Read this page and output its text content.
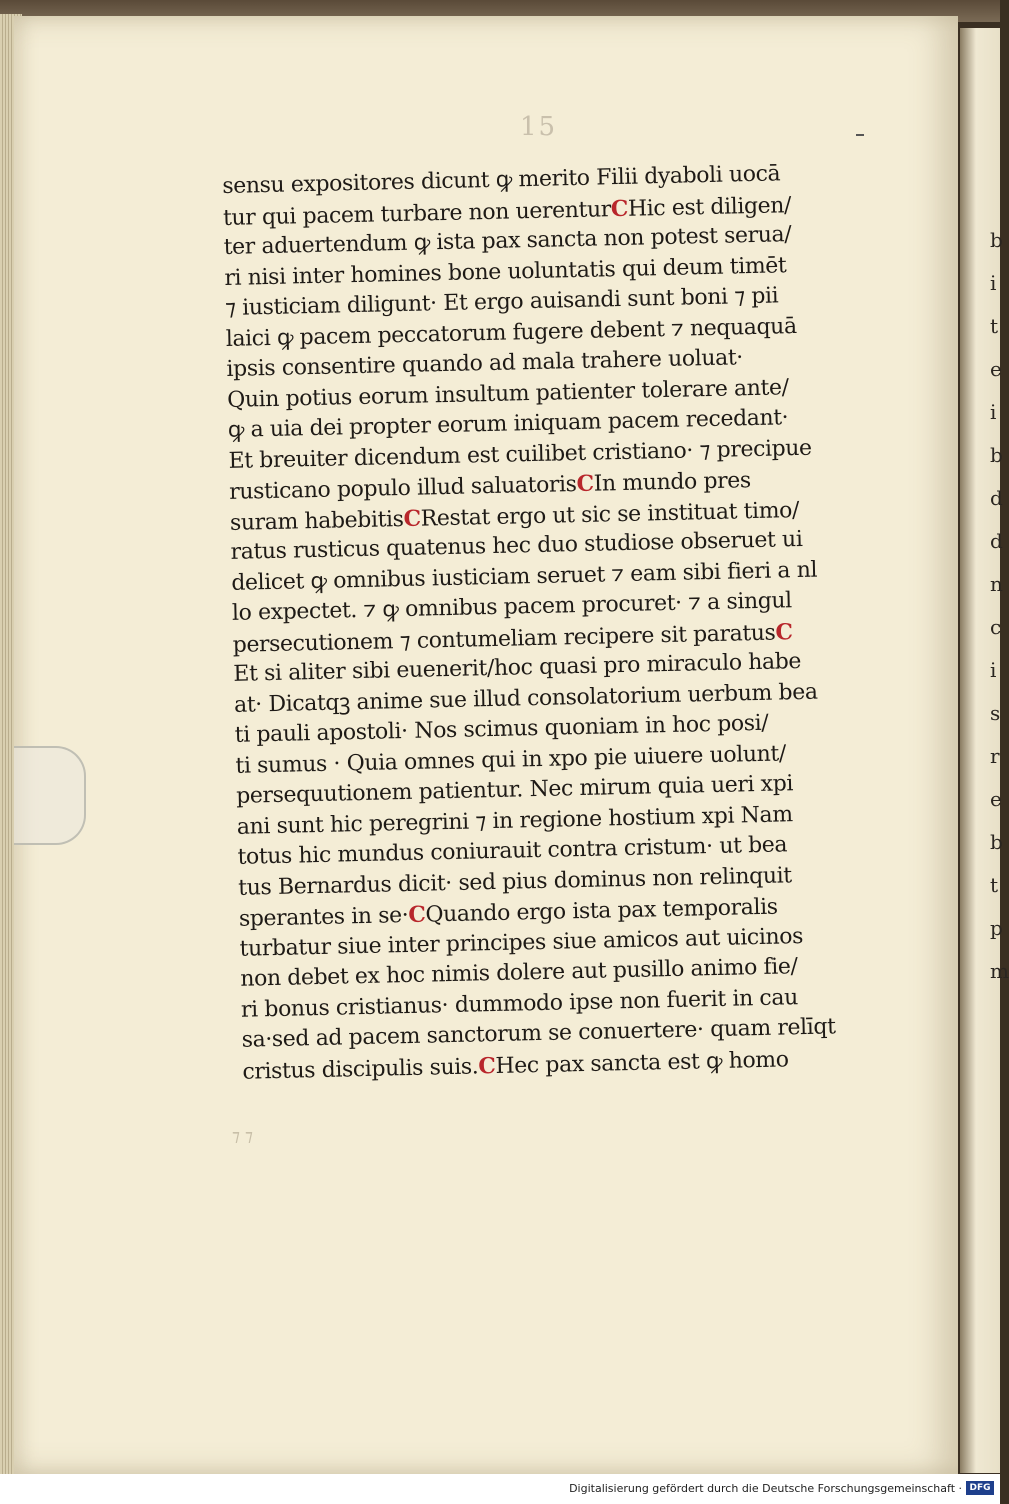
15
sensu expositores dicunt ꝙ merito Filii dyaboli uocā
tur qui pacem turbare non uerenturCHic est diligen/
ter aduertendum ꝙ ista pax sancta non potest serua/
ri nisi inter homines bone uoluntatis qui deum timēt
⁊ iusticiam diligunt· Et ergo auisandi sunt boni ⁊ pii
laici ꝙ pacem peccatorum fugere debent ⁊ nequaquā
ipsis consentire quando ad mala trahere uoluat·
Quin potius eorum insultum patienter tolerare ante/
ꝙ a uia dei propter eorum iniquam pacem recedant·
Et breuiter dicendum est cuilibet cristiano· ⁊ precipue
rusticano populo illud saluatorisCIn mundo pres
suram habebitisCRestat ergo ut sic se instituat timo/
ratus rusticus quatenus hec duo studiose obseruet ui
delicet ꝙ omnibus iusticiam seruet ⁊ eam sibi fieri a nl
lo expectet. ⁊ ꝙ omnibus pacem procuret· ⁊ a singul
persecutionem ⁊ contumeliam recipere sit paratusC
Et si aliter sibi euenerit/hoc quasi pro miraculo habe
at· Dicatqꝫ anime sue illud consolatorium uerbum bea
ti pauli apostoli· Nos scimus quoniam in hoc posi/
ti sumus · Quia omnes qui in xpo pie uiuere uolunt/
persequutionem patientur. Nec mirum quia ueri xpi
ani sunt hic peregrini ⁊ in regione hostium xpi Nam
totus hic mundus coniurauit contra cristum· ut bea
tus Bernardus dicit· sed pius dominus non relinquit
sperantes in se·CQuando ergo ista pax temporalis
turbatur siue inter principes siue amicos aut uicinos
non debet ex hoc nimis dolere aut pusillo animo fie/
ri bonus cristianus· dummodo ipse non fuerit in cau
sa·sed ad pacem sanctorum se conuertere· quam relīqt
cristus discipulis suis.CHec pax sancta est ꝙ homo
⁊ ⁊
b
i
t
e
i
b
d
d
n
c
i
s
r
e
b
t
p
m
Digitalisierung gefördert durch die Deutsche Forschungsgemeinschaft · DFG
